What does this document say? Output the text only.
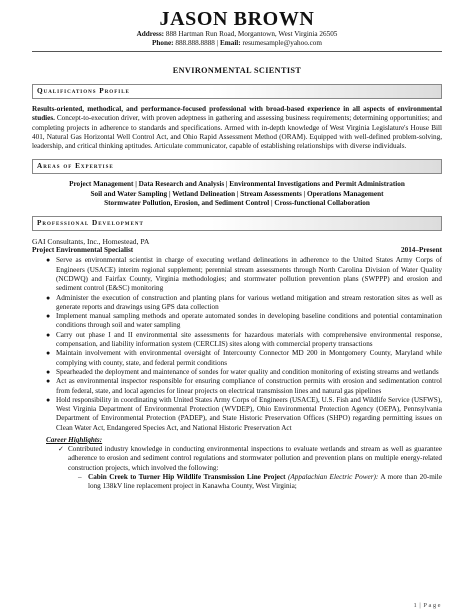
JASON BROWN
Address: 888 Hartman Run Road, Morgantown, West Virginia 26505
Phone: 888.888.8888 | Email: resumesample@yahoo.com
ENVIRONMENTAL SCIENTIST
Qualifications Profile
Results-oriented, methodical, and performance-focused professional with broad-based experience in all aspects of environmental studies. Concept-to-execution driver, with proven adeptness in gathering and assessing business requirements; determining opportunities; and completing projects in adherence to standards and specifications. Armed with in-depth knowledge of West Virginia Legislature's House Bill 401, Natural Gas Horizontal Well Control Act, and Ohio Rapid Assessment Method (ORAM). Equipped with well-defined problem-solving, leadership, and critical thinking aptitudes. Articulate communicator, capable of establishing relationships with diverse individuals.
Areas of Expertise
Project Management | Data Research and Analysis | Environmental Investigations and Permit Administration
Soil and Water Sampling | Wetland Delineation | Stream Assessments | Operations Management
Stormwater Pollution, Erosion, and Sediment Control | Cross-functional Collaboration
Professional Development
GAI Consultants, Inc., Homestead, PA
Project Environmental Specialist	2014–Present
● Serve as environmental scientist in charge of executing wetland delineations in adherence to the United States Army Corps of Engineers (USACE) interim regional supplement; perennial stream assessments through North Carolina Division of Water Quality (NCDWQ) and Fairfax County, Virginia methodologies; and stormwater pollution prevention plans (SWPPP) and erosion and sediment control (E&SC) monitoring
● Administer the execution of construction and planting plans for various wetland mitigation and stream restoration sites as well as generate reports and drawings using GPS data collection
● Implement manual sampling methods and operate automated sondes in developing baseline conditions and potential contamination conditions through soil and water sampling
● Carry out phase I and II environmental site assessments for hazardous materials with comprehensive environmental response, compensation, and liability information system (CERCLIS) sites along with commercial property transactions
● Maintain involvement with environmental oversight of Intercounty Connector MD 200 in Montgomery County, Maryland while complying with county, state, and federal permit conditions
● Spearheaded the deployment and maintenance of sondes for water quality and condition monitoring of existing streams and wetlands
● Act as environmental inspector responsible for ensuring compliance of construction permits with erosion and sedimentation control from federal, state, and local agencies for linear projects on electrical transmission lines and natural gas pipelines
● Hold responsibility in coordinating with United States Army Corps of Engineers (USACE), U.S. Fish and Wildlife Service (USFWS), West Virginia Department of Environmental Protection (WVDEP), Ohio Environmental Protection Agency (OEPA), Pennsylvania Department of Environmental Protection (PADEP), and State Historic Preservation Offices (SHPO) regarding permitting issues on Clean Water Act, Endangered Species Act, and National Historic Preservation Act
Career Highlights:
✓ Contributed industry knowledge in conducting environmental inspections to evaluate wetlands and stream as well as guarantee adherence to erosion and sediment control regulations and stormwater pollution and prevention plans on multiple energy-related construction projects, which involved the following:
– Cabin Creek to Turner Hip Wildlife Transmission Line Project (Appalachian Electric Power): A more than 20-mile long 138kV line replacement project in Kanawha County, West Virginia;
1 | Page
